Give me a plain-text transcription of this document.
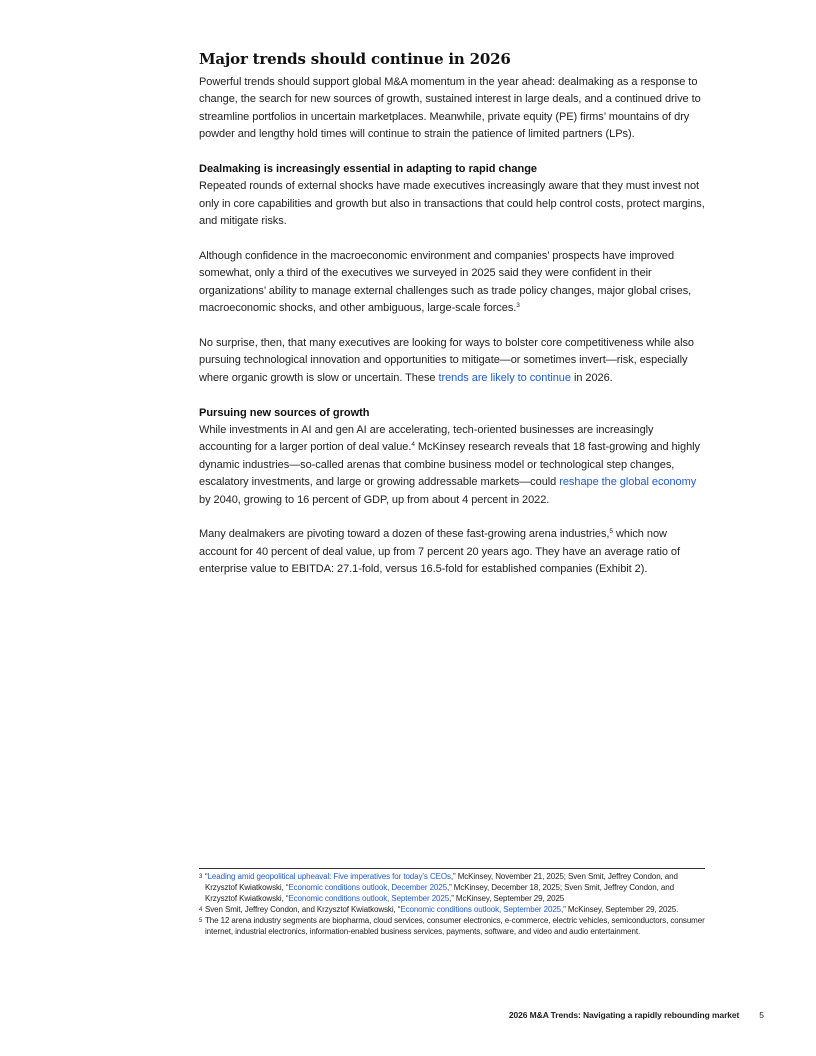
Major trends should continue in 2026

Powerful trends should support global M&A momentum in the year ahead: dealmaking as a response to change, the search for new sources of growth, sustained interest in large deals, and a continued drive to streamline portfolios in uncertain marketplaces. Meanwhile, private equity (PE) firms’ mountains of dry powder and lengthy hold times will continue to strain the patience of limited partners (LPs).

Dealmaking is increasingly essential in adapting to rapid change

Repeated rounds of external shocks have made executives increasingly aware that they must invest not only in core capabilities and growth but also in transactions that could help control costs, protect margins, and mitigate risks.

Although confidence in the macroeconomic environment and companies’ prospects have improved somewhat, only a third of the executives we surveyed in 2025 said they were confident in their organizations’ ability to manage external challenges such as trade policy changes, major global crises, macroeconomic shocks, and other ambiguous, large-scale forces.$^3$

No surprise, then, that many executives are looking for ways to bolster core competitiveness while also pursuing technological innovation and opportunities to mitigate—or sometimes invert—risk, especially where organic growth is slow or uncertain. These trends are likely to continue in 2026.

Pursuing new sources of growth

While investments in AI and gen AI are accelerating, tech-oriented businesses are increasingly accounting for a larger portion of deal value.$^4$ McKinsey research reveals that 18 fast-growing and highly dynamic industries—so-called arenas that combine business model or technological step changes, escalatory investments, and large or growing addressable markets—could reshape the global economy by 2040, growing to 16 percent of GDP, up from about 4 percent in 2022.

Many dealmakers are pivoting toward a dozen of these fast-growing arena industries,$^5$ which now account for 40 percent of deal value, up from 7 percent 20 years ago. They have an average ratio of enterprise value to EBITDA: 27.1-fold, versus 16.5-fold for established companies (Exhibit 2).

3 “Leading amid geopolitical upheaval: Five imperatives for today’s CEOs,” McKinsey, November 21, 2025; Sven Smit, Jeffrey Condon, and Krzysztof Kwiatkowski, “Economic conditions outlook, December 2025,” McKinsey, December 18, 2025; Sven Smit, Jeffrey Condon, and Krzysztof Kwiatkowski, “Economic conditions outlook, September 2025,” McKinsey, September 29, 2025
4 Sven Smit, Jeffrey Condon, and Krzysztof Kwiatkowski, “Economic conditions outlook, September 2025,” McKinsey, September 29, 2025.
5 The 12 arena industry segments are biopharma, cloud services, consumer electronics, e-commerce, electric vehicles, semiconductors, consumer internet, industrial electronics, information-enabled business services, payments, software, and video and audio entertainment.
2026 M&A Trends: Navigating a rapidly rebounding market 5
